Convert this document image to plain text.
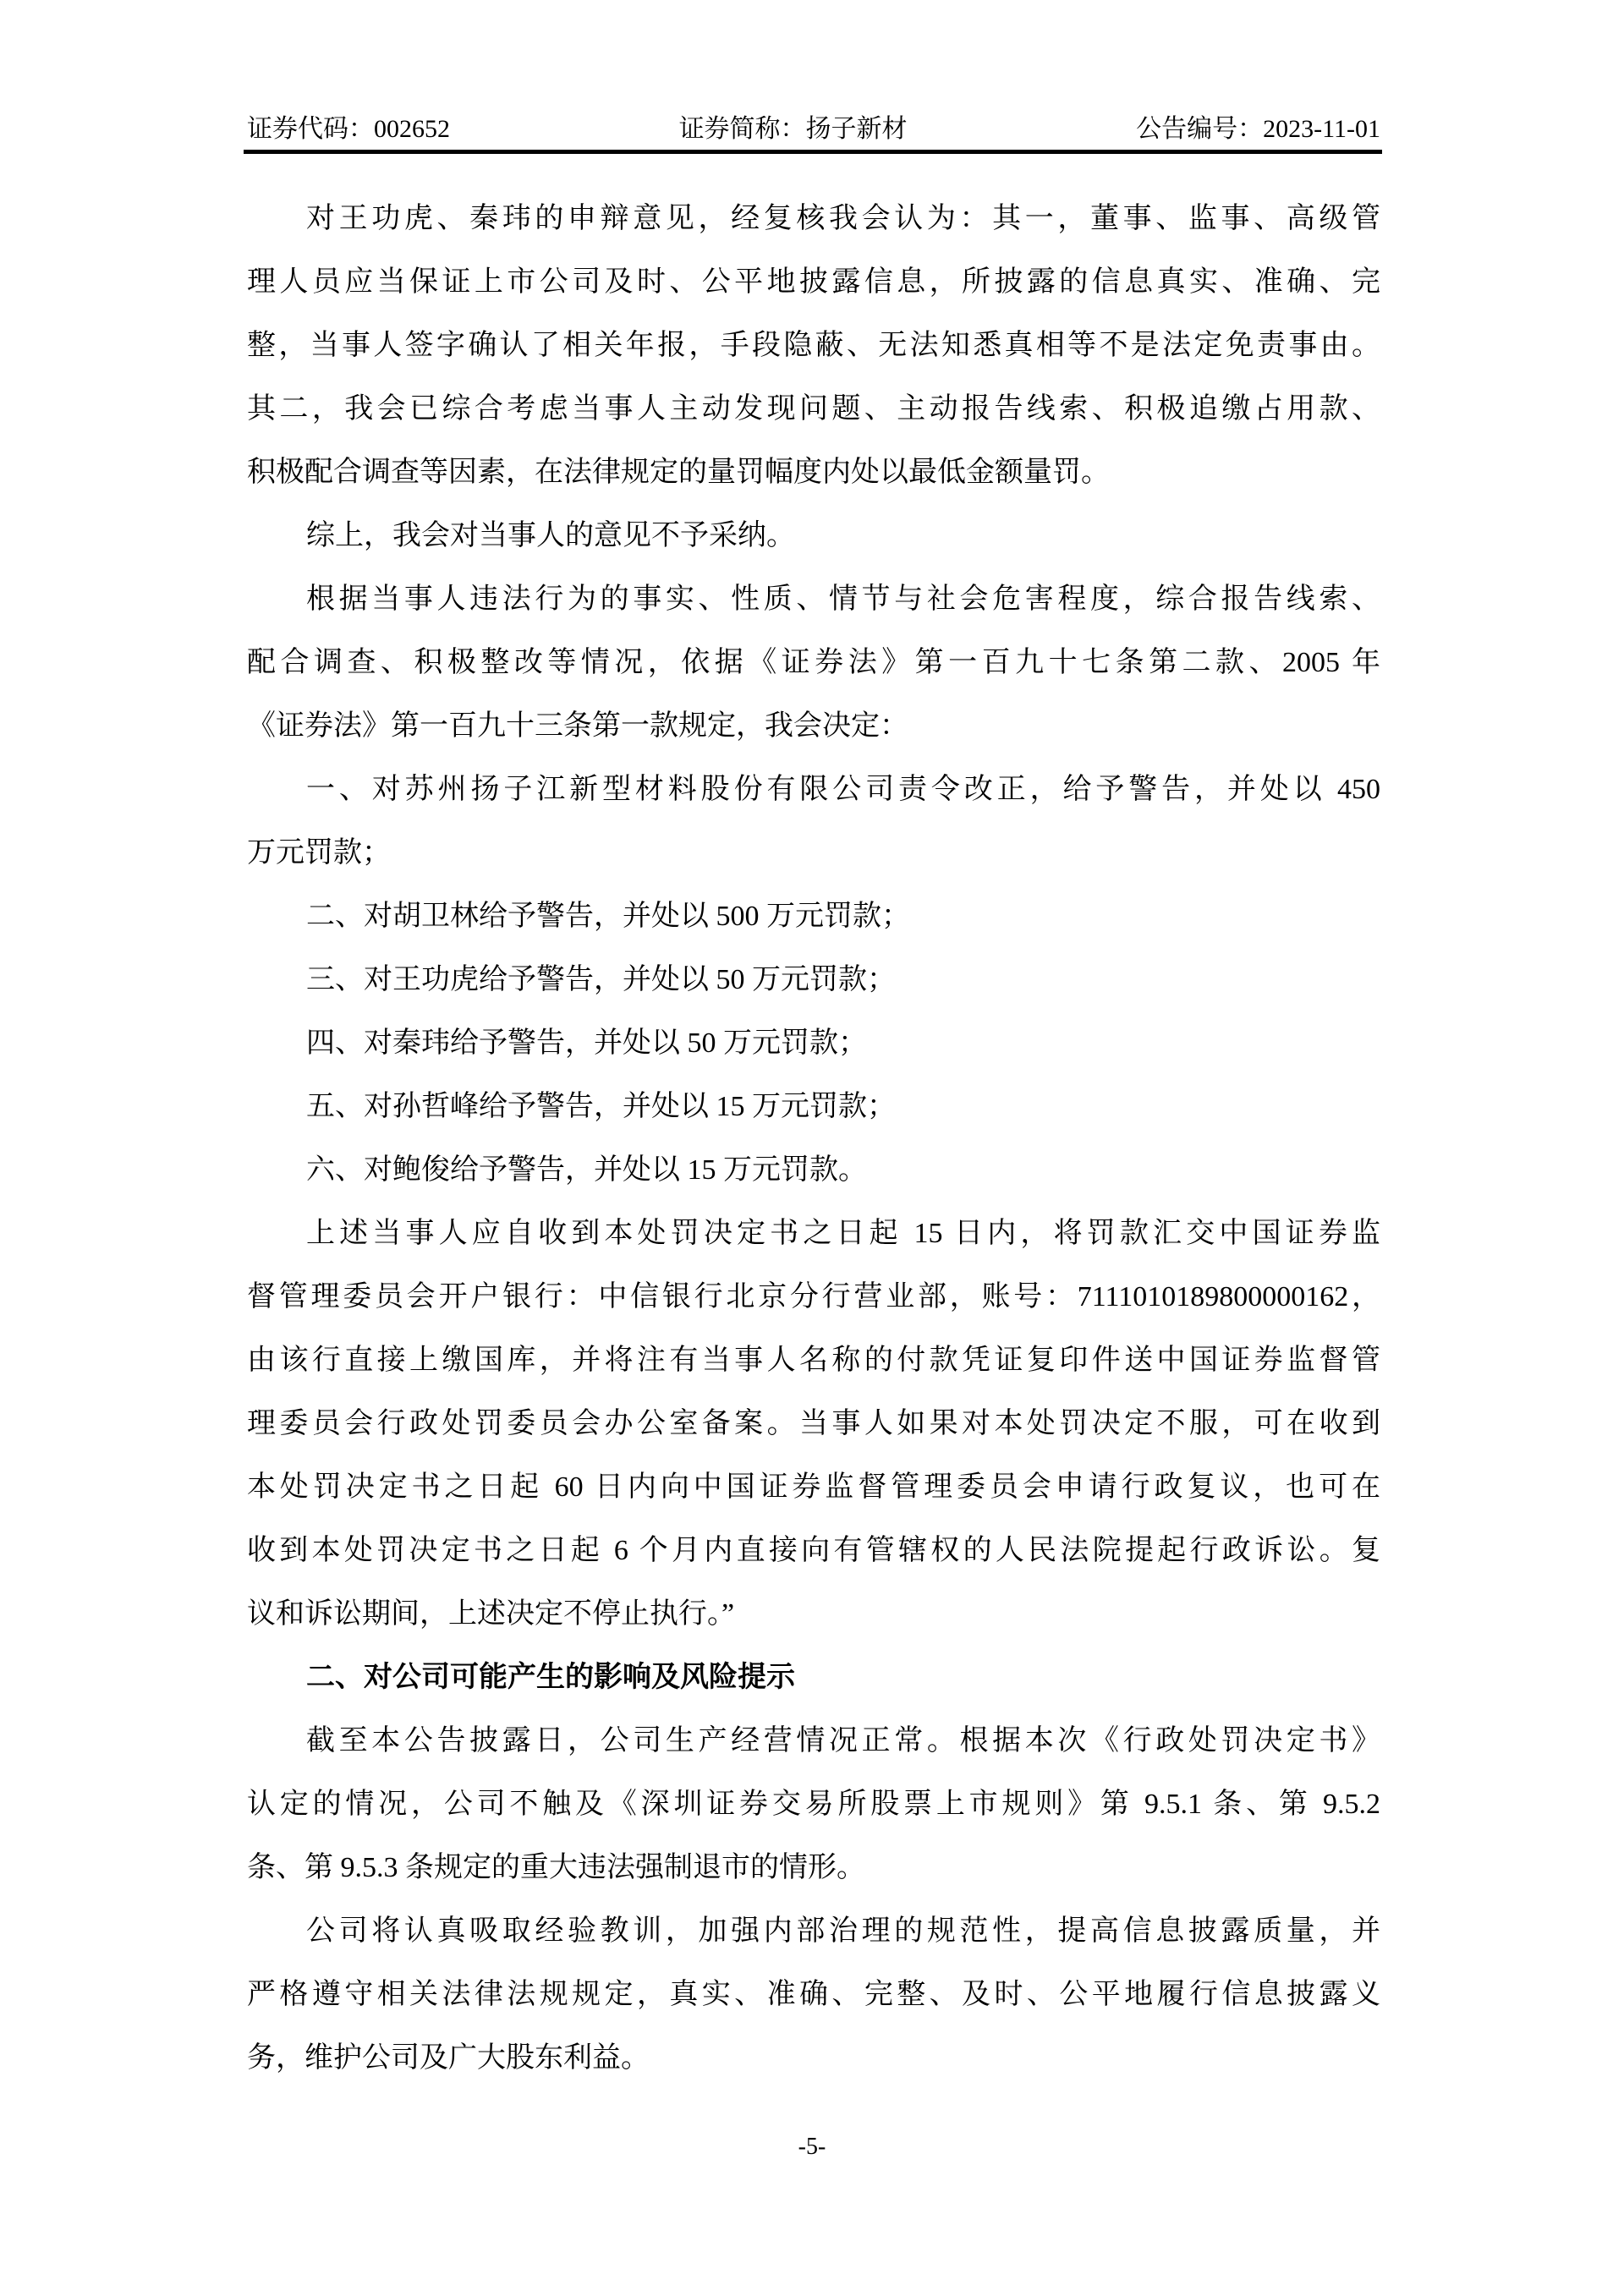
证券代码：002652	证券简称：扬子新材	公告编号：2023-11-01
对王功虎、秦玮的申辩意见，经复核我会认为：其一，董事、监事、高级管
理人员应当保证上市公司及时、公平地披露信息，所披露的信息真实、准确、完
整，当事人签字确认了相关年报，手段隐蔽、无法知悉真相等不是法定免责事由。
其二，我会已综合考虑当事人主动发现问题、主动报告线索、积极追缴占用款、
积极配合调查等因素，在法律规定的量罚幅度内处以最低金额量罚。
综上，我会对当事人的意见不予采纳。
根据当事人违法行为的事实、性质、情节与社会危害程度，综合报告线索、
配合调查、积极整改等情况，依据《证券法》第一百九十七条第二款、2005 年
《证券法》第一百九十三条第一款规定，我会决定：
一、对苏州扬子江新型材料股份有限公司责令改正，给予警告，并处以 450
万元罚款；
二、对胡卫林给予警告，并处以 500 万元罚款；
三、对王功虎给予警告，并处以 50 万元罚款；
四、对秦玮给予警告，并处以 50 万元罚款；
五、对孙哲峰给予警告，并处以 15 万元罚款；
六、对鲍俊给予警告，并处以 15 万元罚款。
上述当事人应自收到本处罚决定书之日起 15 日内，将罚款汇交中国证券监
督管理委员会开户银行：中信银行北京分行营业部，账号：7111010189800000162，
由该行直接上缴国库，并将注有当事人名称的付款凭证复印件送中国证券监督管
理委员会行政处罚委员会办公室备案。当事人如果对本处罚决定不服，可在收到
本处罚决定书之日起 60 日内向中国证券监督管理委员会申请行政复议，也可在
收到本处罚决定书之日起 6 个月内直接向有管辖权的人民法院提起行政诉讼。复
议和诉讼期间，上述决定不停止执行。”
二、对公司可能产生的影响及风险提示
截至本公告披露日，公司生产经营情况正常。根据本次《行政处罚决定书》
认定的情况，公司不触及《深圳证券交易所股票上市规则》第 9.5.1 条、第 9.5.2
条、第 9.5.3 条规定的重大违法强制退市的情形。
公司将认真吸取经验教训，加强内部治理的规范性，提高信息披露质量，并
严格遵守相关法律法规规定，真实、准确、完整、及时、公平地履行信息披露义
务，维护公司及广大股东利益。
-5-
